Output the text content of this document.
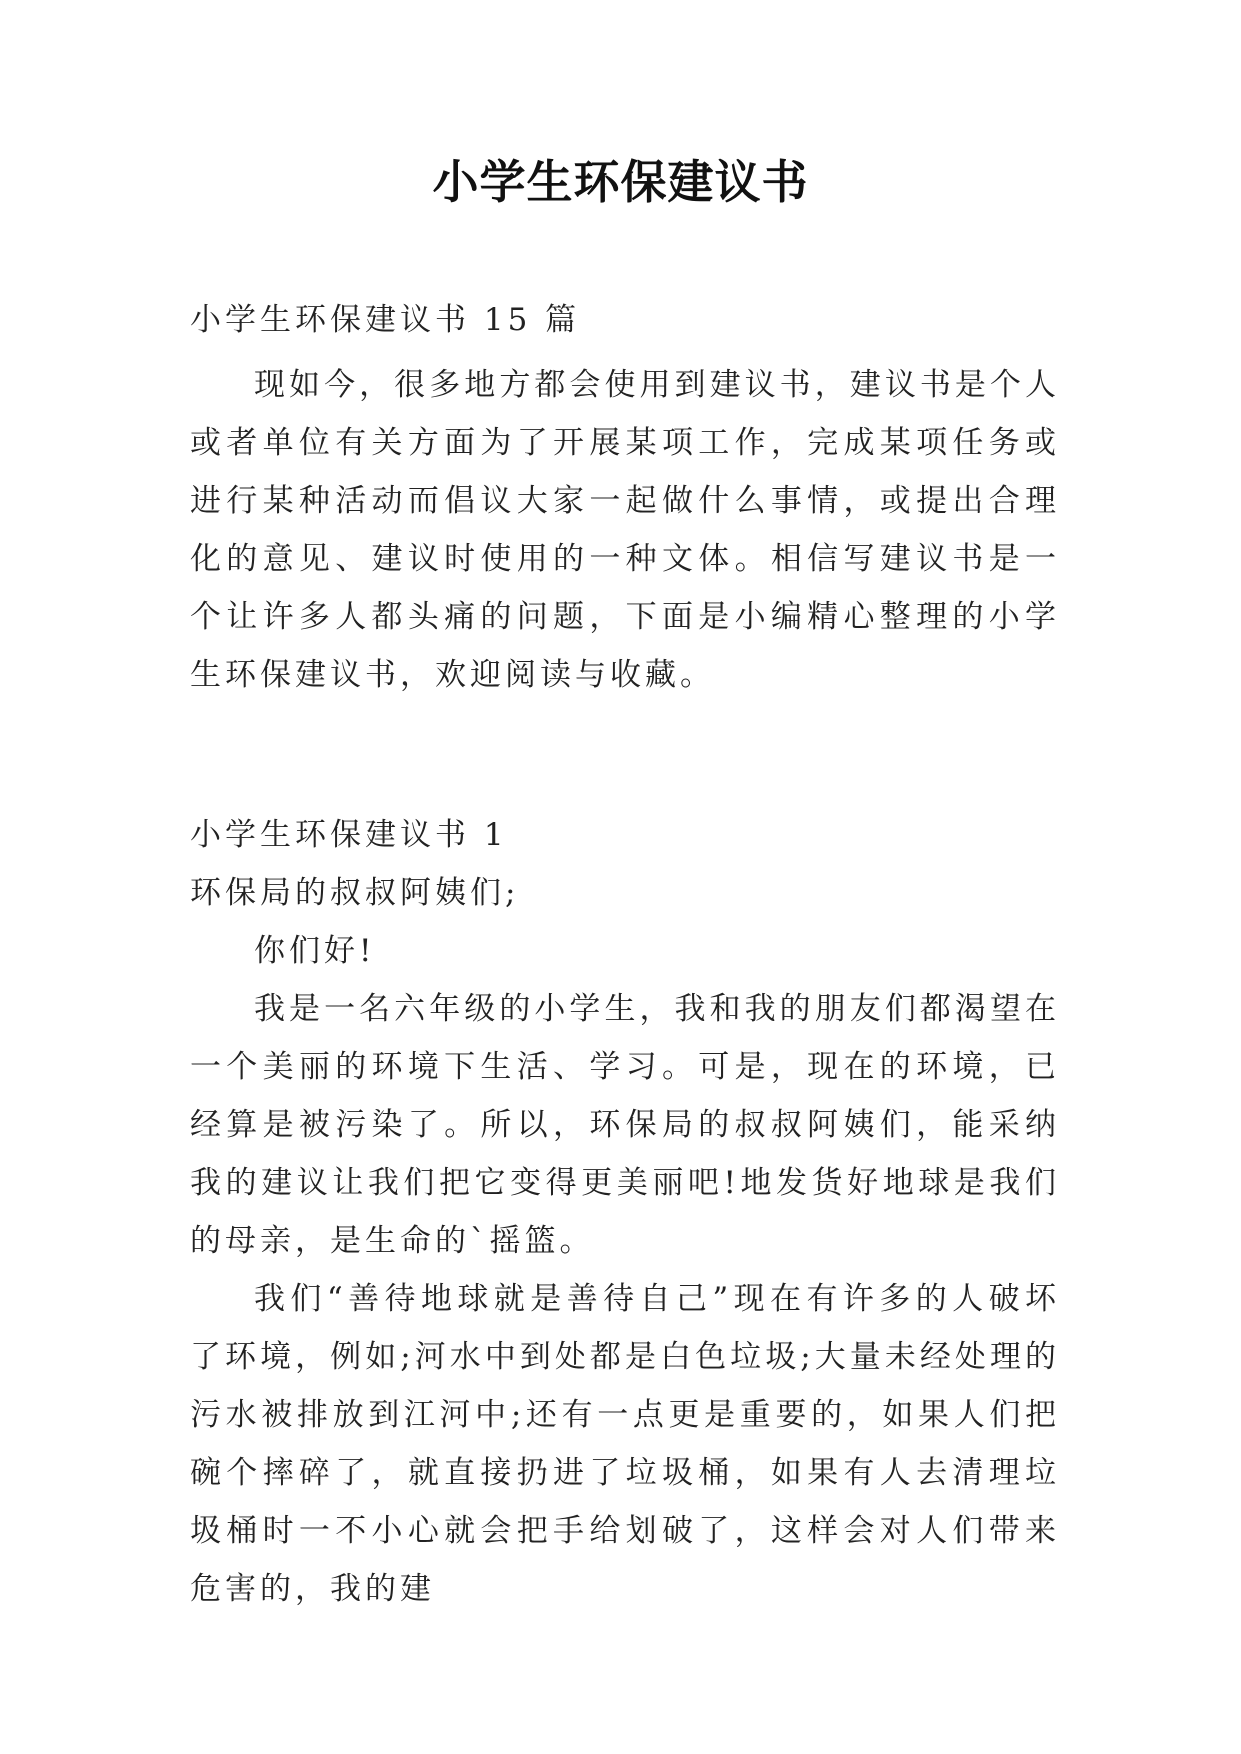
小学生环保建议书

小学生环保建议书 15 篇

现如今，很多地方都会使用到建议书，建议书是个人或者单位有关方面为了开展某项工作，完成某项任务或进行某种活动而倡议大家一起做什么事情，或提出合理化的意见、建议时使用的一种文体。相信写建议书是一个让许多人都头痛的问题，下面是小编精心整理的小学生环保建议书，欢迎阅读与收藏。

小学生环保建议书 1

环保局的叔叔阿姨们;

你们好!

我是一名六年级的小学生，我和我的朋友们都渴望在一个美丽的环境下生活、学习。可是，现在的环境，已经算是被污染了。所以，环保局的叔叔阿姨们，能采纳我的建议让我们把它变得更美丽吧!地发货好地球是我们的母亲，是生命的`摇篮。

我们“善待地球就是善待自己”现在有许多的人破坏了环境，例如;河水中到处都是白色垃圾;大量未经处理的污水被排放到江河中;还有一点更是重要的，如果人们把碗个摔碎了，就直接扔进了垃圾桶，如果有人去清理垃圾桶时一不小心就会把手给划破了，这样会对人们带来危害的，我的建
